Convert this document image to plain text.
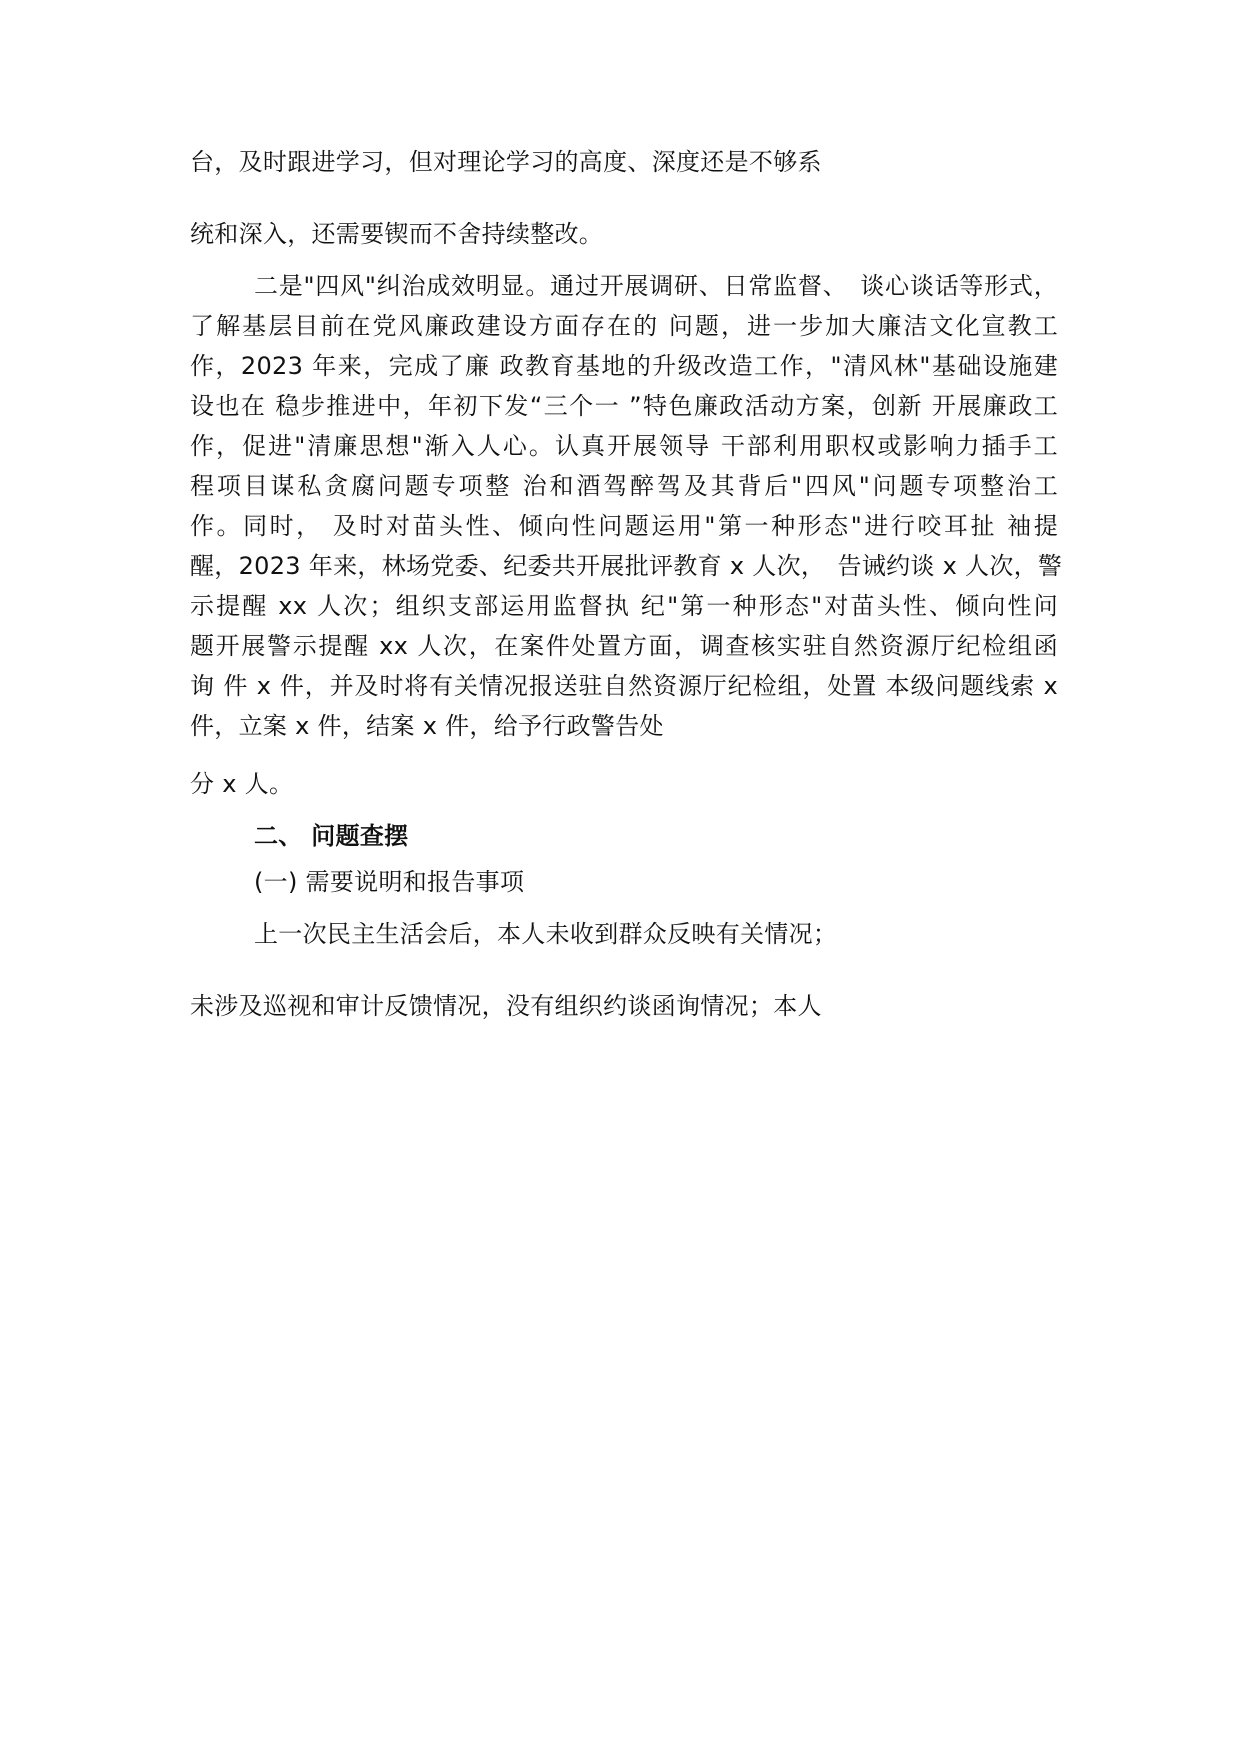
台，及时跟进学习，但对理论学习的高度、深度还是不够系
统和深入，还需要锲而不舍持续整改。
二是"四风"纠治成效明显。通过开展调研、日常监督、　谈心谈话等形式，
了解基层目前在党风廉政建设方面存在的 问题，进一步加大廉洁文化宣教工
作，2023 年来，完成了廉 政教育基地的升级改造工作，"清风林"基础设施建
设也在 稳步推进中，年初下发“三个一 ”特色廉政活动方案，创新 开展廉政工
作，促进"清廉思想"渐入人心。认真开展领导 干部利用职权或影响力插手工
程项目谋私贪腐问题专项整 治和酒驾醉驾及其背后"四风"问题专项整治工
作。同时， 及时对苗头性、倾向性问题运用"第一种形态"进行咬耳扯 袖提
醒，2023 年来，林场党委、纪委共开展批评教育 x 人次，　告诫约谈 x 人次，警
示提醒 xx 人次；组织支部运用监督执 纪"第一种形态"对苗头性、倾向性问
题开展警示提醒 xx 人次，在案件处置方面，调查核实驻自然资源厅纪检组函
询 件 x 件，并及时将有关情况报送驻自然资源厅纪检组，处置 本级问题线索 x
件，立案 x 件，结案 x 件，给予行政警告处
分 x 人。
二、 问题查摆
(一) 需要说明和报告事项
上一次民主生活会后，本人未收到群众反映有关情况；
未涉及巡视和审计反馈情况，没有组织约谈函询情况；本人
